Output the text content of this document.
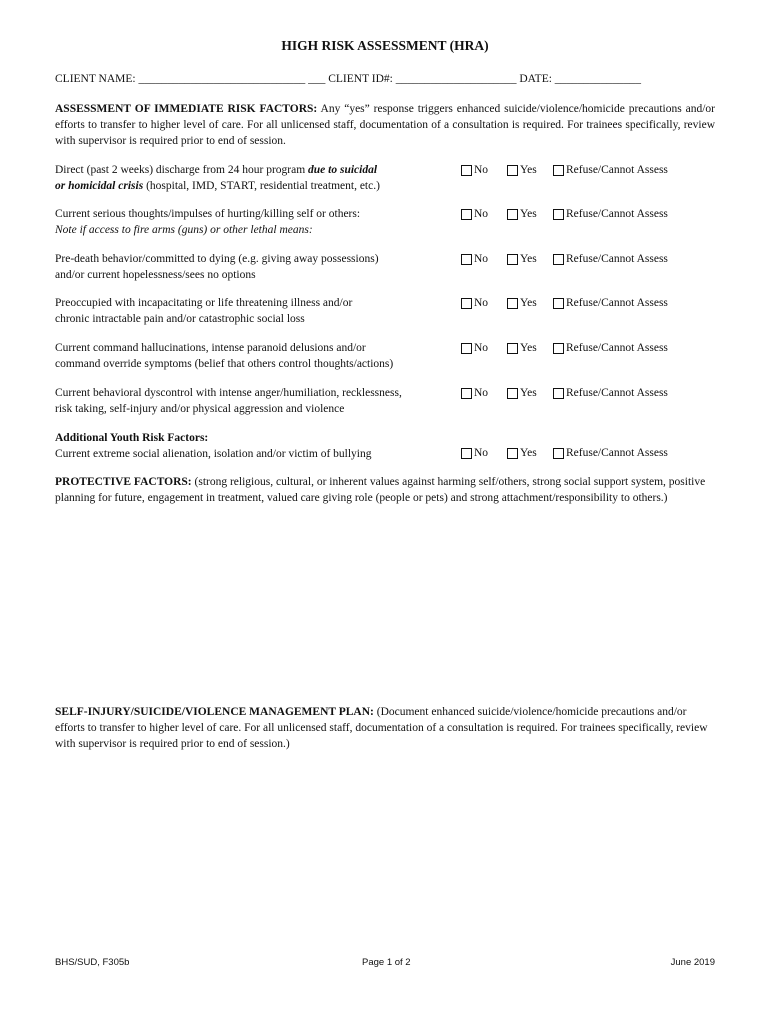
HIGH RISK ASSESSMENT (HRA)
CLIENT NAME: _____________________________ ___ CLIENT ID#: _____________________ DATE: _______________
ASSESSMENT OF IMMEDIATE RISK FACTORS: Any “yes” response triggers enhanced suicide/violence/homicide precautions and/or efforts to transfer to higher level of care. For all unlicensed staff, documentation of a consultation is required. For trainees specifically, review with supervisor is required prior to end of session.
Direct (past 2 weeks) discharge from 24 hour program due to suicidal
or homicidal crisis (hospital, IMD, START, residential treatment, etc.)
No	Yes	Refuse/Cannot Assess
Current serious thoughts/impulses of hurting/killing self or others:
Note if access to fire arms (guns) or other lethal means:
No	Yes	Refuse/Cannot Assess
Pre-death behavior/committed to dying (e.g. giving away possessions)
and/or current hopelessness/sees no options
No	Yes	Refuse/Cannot Assess
Preoccupied with incapacitating or life threatening illness and/or
chronic intractable pain and/or catastrophic social loss
No	Yes	Refuse/Cannot Assess
Current command hallucinations, intense paranoid delusions and/or
command override symptoms (belief that others control thoughts/actions)
No	Yes	Refuse/Cannot Assess
Current behavioral dyscontrol with intense anger/humiliation, recklessness,
risk taking, self-injury and/or physical aggression and violence
No	Yes	Refuse/Cannot Assess
Additional Youth Risk Factors:
Current extreme social alienation, isolation and/or victim of bullying	No	Yes	Refuse/Cannot Assess
PROTECTIVE FACTORS: (strong religious, cultural, or inherent values against harming self/others, strong social support system, positive planning for future, engagement in treatment, valued care giving role (people or pets) and strong attachment/responsibility to others.)
SELF-INJURY/SUICIDE/VIOLENCE MANAGEMENT PLAN: (Document enhanced suicide/violence/homicide precautions and/or efforts to transfer to higher level of care. For all unlicensed staff, documentation of a consultation is required. For trainees specifically, review with supervisor is required prior to end of session.)
BHS/SUD, F305b	Page 1 of 2	June 2019
